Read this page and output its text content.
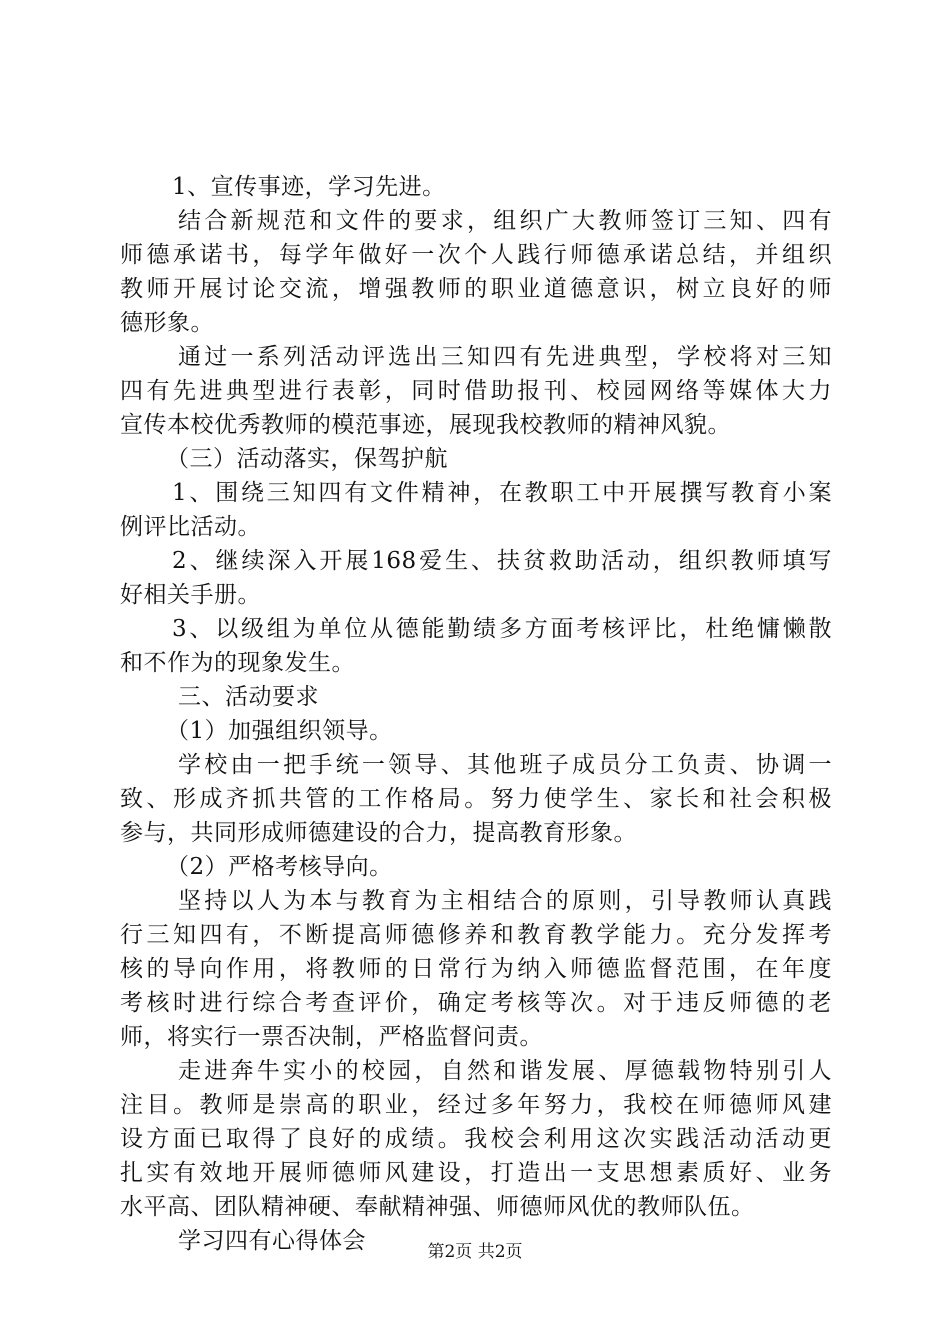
1、宣传事迹，学习先进。
结合新规范和文件的要求，组织广大教师签订三知、四有
师德承诺书，每学年做好一次个人践行师德承诺总结，并组织
教师开展讨论交流，增强教师的职业道德意识，树立良好的师
德形象。
通过一系列活动评选出三知四有先进典型，学校将对三知
四有先进典型进行表彰，同时借助报刊、校园网络等媒体大力
宣传本校优秀教师的模范事迹，展现我校教师的精神风貌。
（三）活动落实，保驾护航
1、围绕三知四有文件精神，在教职工中开展撰写教育小案
例评比活动。
2、继续深入开展168爱生、扶贫救助活动，组织教师填写
好相关手册。
3、以级组为单位从德能勤绩多方面考核评比，杜绝慵懒散
和不作为的现象发生。
三、活动要求
（1）加强组织领导。
学校由一把手统一领导、其他班子成员分工负责、协调一
致、形成齐抓共管的工作格局。努力使学生、家长和社会积极
参与，共同形成师德建设的合力，提高教育形象。
（2）严格考核导向。
坚持以人为本与教育为主相结合的原则，引导教师认真践
行三知四有，不断提高师德修养和教育教学能力。充分发挥考
核的导向作用，将教师的日常行为纳入师德监督范围，在年度
考核时进行综合考查评价，确定考核等次。对于违反师德的老
师，将实行一票否决制，严格监督问责。
走进奔牛实小的校园，自然和谐发展、厚德载物特别引人
注目。教师是崇高的职业，经过多年努力，我校在师德师风建
设方面已取得了良好的成绩。我校会利用这次实践活动活动更
扎实有效地开展师德师风建设，打造出一支思想素质好、业务
水平高、团队精神硬、奉献精神强、师德师风优的教师队伍。
学习四有心得体会	第2页 共2页
